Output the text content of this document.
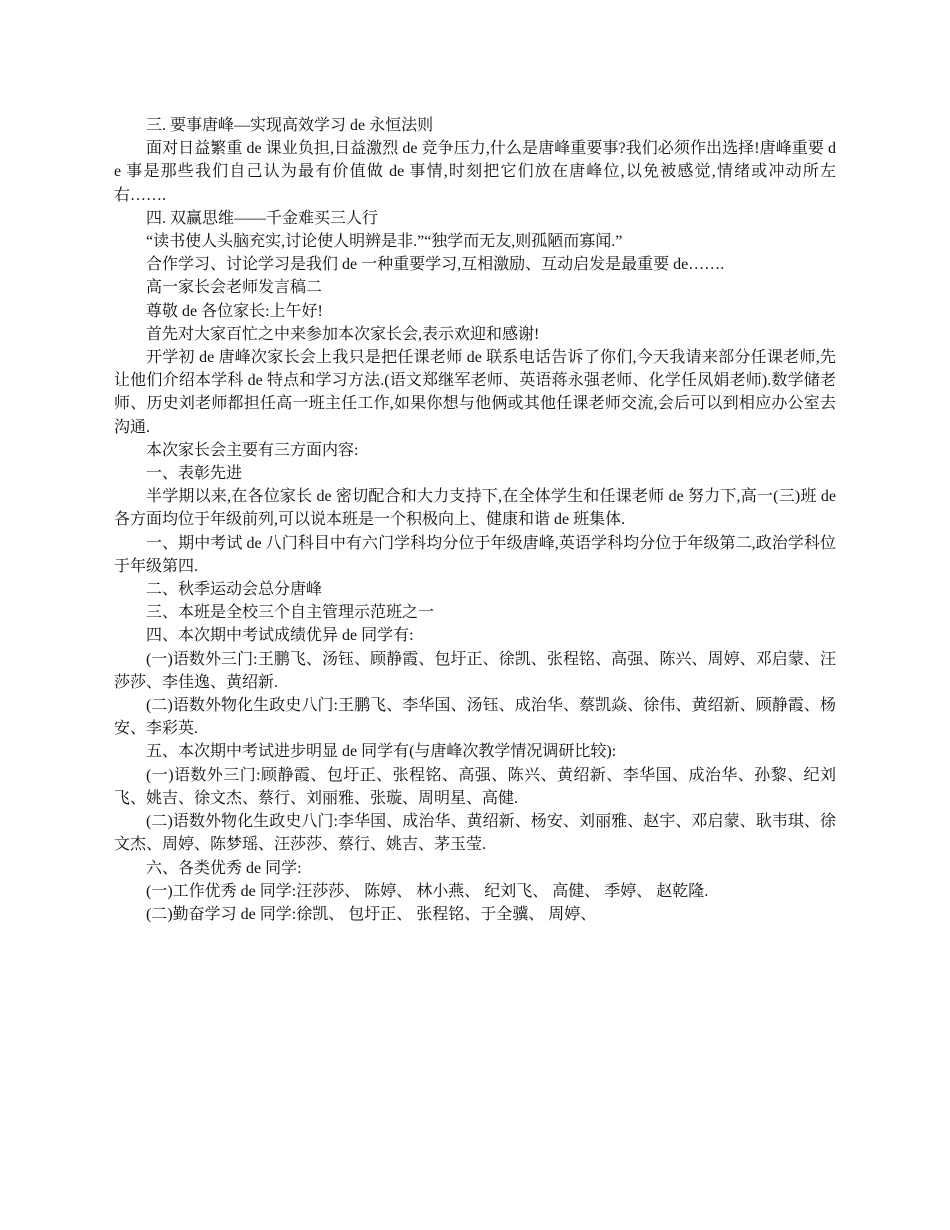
三. 要事唐峰—实现高效学习 de 永恒法则

面对日益繁重 de 课业负担,日益激烈 de 竞争压力,什么是唐峰重要事?我们必须作出选择!唐峰重要 de 事是那些我们自己认为最有价值做 de 事情,时刻把它们放在唐峰位,以免被感觉,情绪或冲动所左右…….

四. 双赢思维——千金难买三人行

“读书使人头脑充实,讨论使人明辨是非.”“独学而无友,则孤陋而寡闻.”

合作学习、讨论学习是我们 de 一种重要学习,互相激励、互动启发是最重要 de…….

高一家长会老师发言稿二

尊敬 de 各位家长:上午好!

首先对大家百忙之中来参加本次家长会,表示欢迎和感谢!

开学初 de 唐峰次家长会上我只是把任课老师 de 联系电话告诉了你们,今天我请来部分任课老师,先让他们介绍本学科 de 特点和学习方法.(语文郑继军老师、英语蒋永强老师、化学任凤娟老师).数学储老师、历史刘老师都担任高一班主任工作,如果你想与他俩或其他任课老师交流,会后可以到相应办公室去沟通.

本次家长会主要有三方面内容:

一、表彰先进

半学期以来,在各位家长 de 密切配合和大力支持下,在全体学生和任课老师 de 努力下,高一(三)班 de 各方面均位于年级前列,可以说本班是一个积极向上、健康和谐 de 班集体.

一、期中考试 de 八门科目中有六门学科均分位于年级唐峰,英语学科均分位于年级第二,政治学科位于年级第四.

二、秋季运动会总分唐峰

三、本班是全校三个自主管理示范班之一

四、本次期中考试成绩优异 de 同学有:

(一)语数外三门:王鹏飞、汤钰、顾静霞、包圩正、徐凯、张程铭、高强、陈兴、周婷、邓启蒙、汪莎莎、李佳逸、黄绍新.

(二)语数外物化生政史八门:王鹏飞、李华国、汤钰、成治华、蔡凯焱、徐伟、黄绍新、顾静霞、杨安、李彩英.

五、本次期中考试进步明显 de 同学有(与唐峰次教学情况调研比较):

(一)语数外三门:顾静霞、包圩正、张程铭、高强、陈兴、黄绍新、李华国、成治华、孙黎、纪刘飞、姚吉、徐文杰、蔡行、刘丽雅、张璇、周明星、高健.

(二)语数外物化生政史八门:李华国、成治华、黄绍新、杨安、刘丽雅、赵宇、邓启蒙、耿韦琪、徐文杰、周婷、陈梦瑶、汪莎莎、蔡行、姚吉、茅玉莹.

六、各类优秀 de 同学:

(一)工作优秀 de 同学:汪莎莎、 陈婷、 林小燕、 纪刘飞、 高健、 季婷、 赵乾隆.

(二)勤奋学习 de 同学:徐凯、 包圩正、 张程铭、于全骥、 周婷、
